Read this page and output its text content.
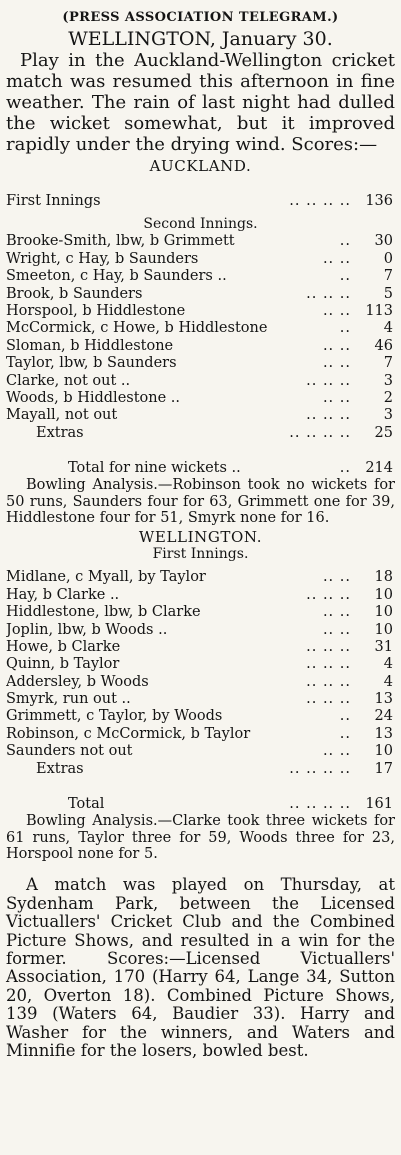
(PRESS ASSOCIATION TELEGRAM.)
WELLINGTON, January 30.
Play in the Auckland-Wellington cricket match was resumed this afternoon in fine weather. The rain of last night had dulled the wicket somewhat, but it improved rapidly under the drying wind. Scores:—
AUCKLAND.
First Innings	.. .. .. .. 136
Second Innings.
Brooke-Smith, lbw, b Grimmett	.. 30
Wright, c Hay, b Saunders	.. .. 0
Smeeton, c Hay, b Saunders ..	.. 7
Brook, b Saunders	.. .. .. 5
Horspool, b Hiddlestone	.. .. 113
McCormick, c Howe, b Hiddlestone	.. 4
Sloman, b Hiddlestone	.. .. 46
Taylor, lbw, b Saunders	.. .. 7
Clarke, not out ..	.. .. .. 3
Woods, b Hiddlestone ..	.. .. 2
Mayall, not out	.. .. .. 3
Extras	.. .. .. .. 25
Total for nine wickets ..	.. 214
Bowling Analysis.—Robinson took no wickets for 50 runs, Saunders four for 63, Grimmett one for 39, Hiddlestone four for 51, Smyrk none for 16.
WELLINGTON.
First Innings.
Midlane, c Myall, by Taylor	.. .. 18
Hay, b Clarke ..	.. .. .. 10
Hiddlestone, lbw, b Clarke	.. .. 10
Joplin, lbw, b Woods ..	.. .. 10
Howe, b Clarke	.. .. .. 31
Quinn, b Taylor	.. .. .. 4
Addersley, b Woods	.. .. .. 4
Smyrk, run out ..	.. .. .. 13
Grimmett, c Taylor, by Woods	.. 24
Robinson, c McCormick, b Taylor	.. 13
Saunders not out	.. .. 10
Extras	.. .. .. .. 17
Total	.. .. .. .. 161
Bowling Analysis.—Clarke took three wickets for 61 runs, Taylor three for 59, Woods three for 23, Horspool none for 5.
A match was played on Thursday, at Sydenham Park, between the Licensed Victuallers' Cricket Club and the Combined Picture Shows, and resulted in a win for the former. Scores:—Licensed Victuallers' Association, 170 (Harry 64, Lange 34, Sutton 20, Overton 18). Combined Picture Shows, 139 (Waters 64, Baudier 33). Harry and Washer for the winners, and Waters and Minnifie for the losers, bowled best.
